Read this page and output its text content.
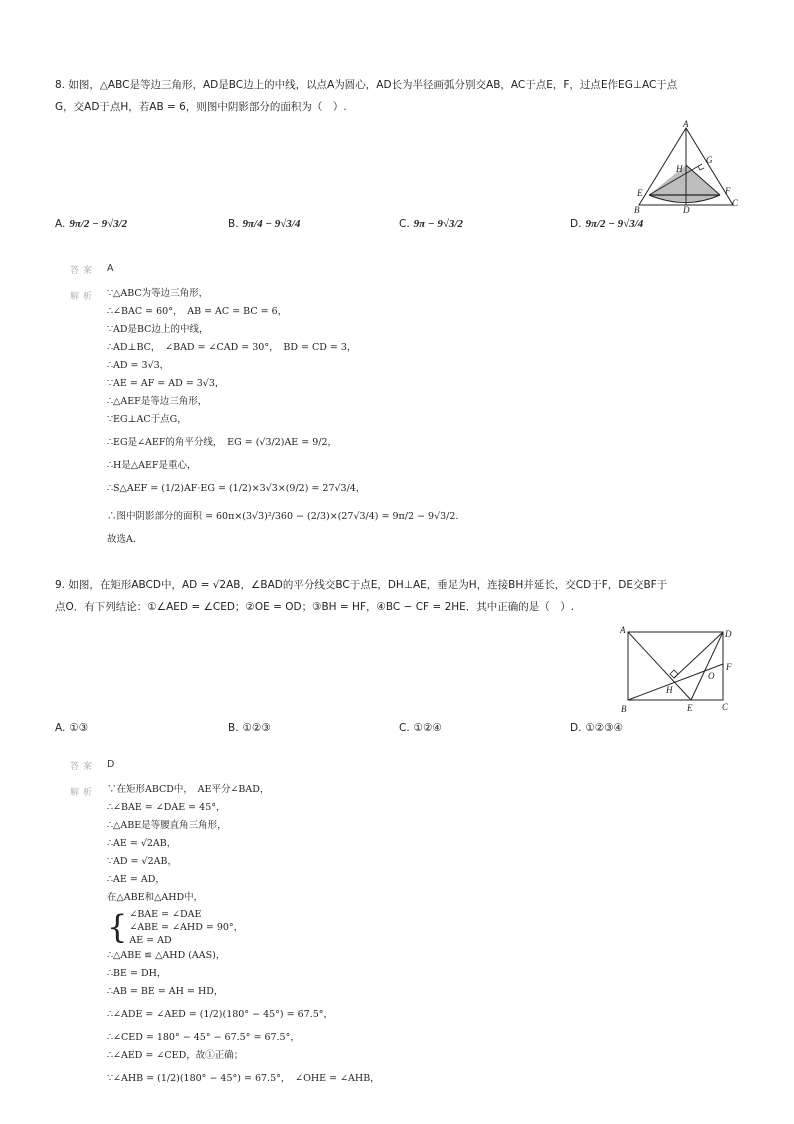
8. 如图，△ABC是等边三角形，AD是BC边上的中线，以点A为圆心，AD长为半径画弧分别交AB，AC于点E，F，过点E作EG⊥AC于点
G，交AD于点H，若AB = 6，则图中阴影部分的面积为（　）.
A
B
C
D
E	F
G
H
A. 9π/2 − 9√3/2	B. 9π/4 − 9√3/4	C. 9π − 9√3/2	D. 9π/2 − 9√3/4
答案 A
解析 ∵△ABC为等边三角形，
∴∠BAC = 60°，　AB = AC = BC = 6，
∵AD是BC边上的中线，
∴AD⊥BC，　∠BAD = ∠CAD = 30°，　BD = CD = 3，
∴AD = 3√3，
∵AE = AF = AD = 3√3，
∴△AEF是等边三角形，
∵EG⊥AC于点G，
∴EG是∠AEF的角平分线，　EG = (√3/2)AE = 9/2，
∴H是△AEF是重心，
∴S△AEF = (1/2)AF·EG = (1/2)×3√3×(9/2) = 27√3/4，
∴图中阴影部分的面积 = 60π×(3√3)²/360 − (2/3)×(27√3/4) = 9π/2 − 9√3/2.
故选A.
9. 如图，在矩形ABCD中，AD = √2AB，∠BAD的平分线交BC于点E，DH⊥AE，垂足为H，连接BH并延长，交CD于F，DE交BF于
点O．有下列结论：①∠AED = ∠CED；②OE = OD；③BH = HF，④BC − CF = 2HE．其中正确的是（　）.
A
B	C
D
E
F
H
O
A. ①③	B. ①②③	C. ①②④	D. ①②③④
答案 D
解析 ∵在矩形ABCD中，　AE平分∠BAD，
∴∠BAE = ∠DAE = 45°，
∴△ABE是等腰直角三角形，
∴AE = √2AB，
∵AD = √2AB，
∴AE = AD，
在△ABE和△AHD中，
{ ∠BAE = ∠DAE
∠ABE = ∠AHD = 90°，
AE = AD
∴△ABE ≌ △AHD (AAS)，
∴BE = DH，
∴AB = BE = AH = HD，
∴∠ADE = ∠AED = (1/2)(180° − 45°) = 67.5°，
∴∠CED = 180° − 45° − 67.5° = 67.5°，
∴∠AED = ∠CED，故①正确；
∵∠AHB = (1/2)(180° − 45°) = 67.5°，　∠OHE = ∠AHB，
